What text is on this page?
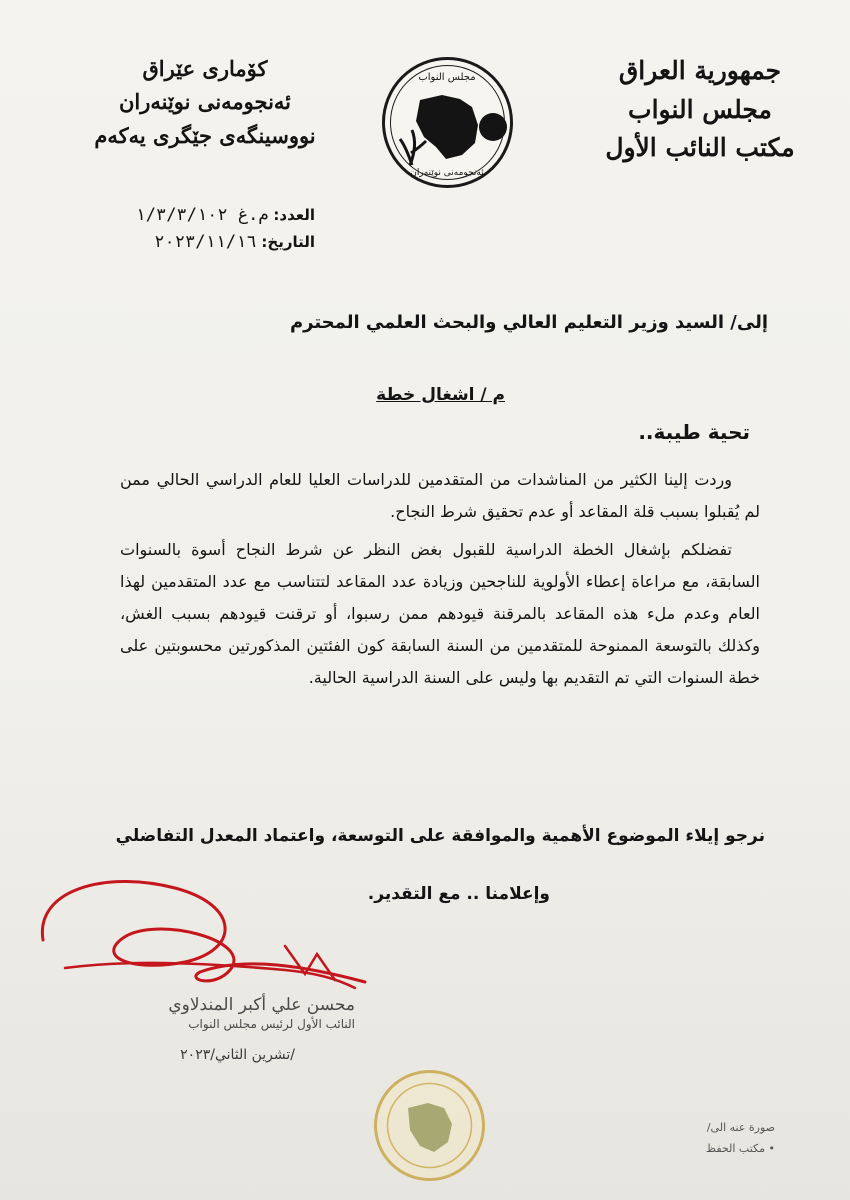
جمهورية العراق
مجلس النواب
مكتب النائب الأول
مجلس النواب
ئەنجومەنی نوێنەران
كۆماری عێراق
ئەنجومەنی نوێنەران
نووسینگەی جێگری یەکەم
العدد: م.غ ١/٣/٣/١٠٢
التاريخ: ٢٠٢٣/١١/١٦
إلى/ السيد وزير التعليم العالي والبحث العلمي المحترم
م / اشغال خطة
تحية طيبة..

وردت إلينا الكثير من المناشدات من المتقدمين للدراسات العليا للعام الدراسي الحالي ممن لم يُقبلوا بسبب قلة المقاعد أو عدم تحقيق شرط النجاح.

تفضلكم بإشغال الخطة الدراسية للقبول بغض النظر عن شرط النجاح أسوة بالسنوات السابقة، مع مراعاة إعطاء الأولوية للناجحين وزيادة عدد المقاعد لتتناسب مع عدد المتقدمين لهذا العام وعدم ملء هذه المقاعد بالمرقنة قيودهم ممن رسبوا، أو ترقنت قيودهم بسبب الغش، وكذلك بالتوسعة الممنوحة للمتقدمين من السنة السابقة كون الفئتين المذكورتين محسوبتين على خطة السنوات التي تم التقديم بها وليس على السنة الدراسية الحالية.

نرجو إيلاء الموضوع الأهمية والموافقة على التوسعة، واعتماد المعدل التفاضلي
وإعلامنا .. مع التقدير.
محسن علي أكبر المندلاوي
النائب الأول لرئيس مجلس النواب
/تشرين الثاني/٢٠٢٣
صورة عنه الى/
• مكتب الحفظ
